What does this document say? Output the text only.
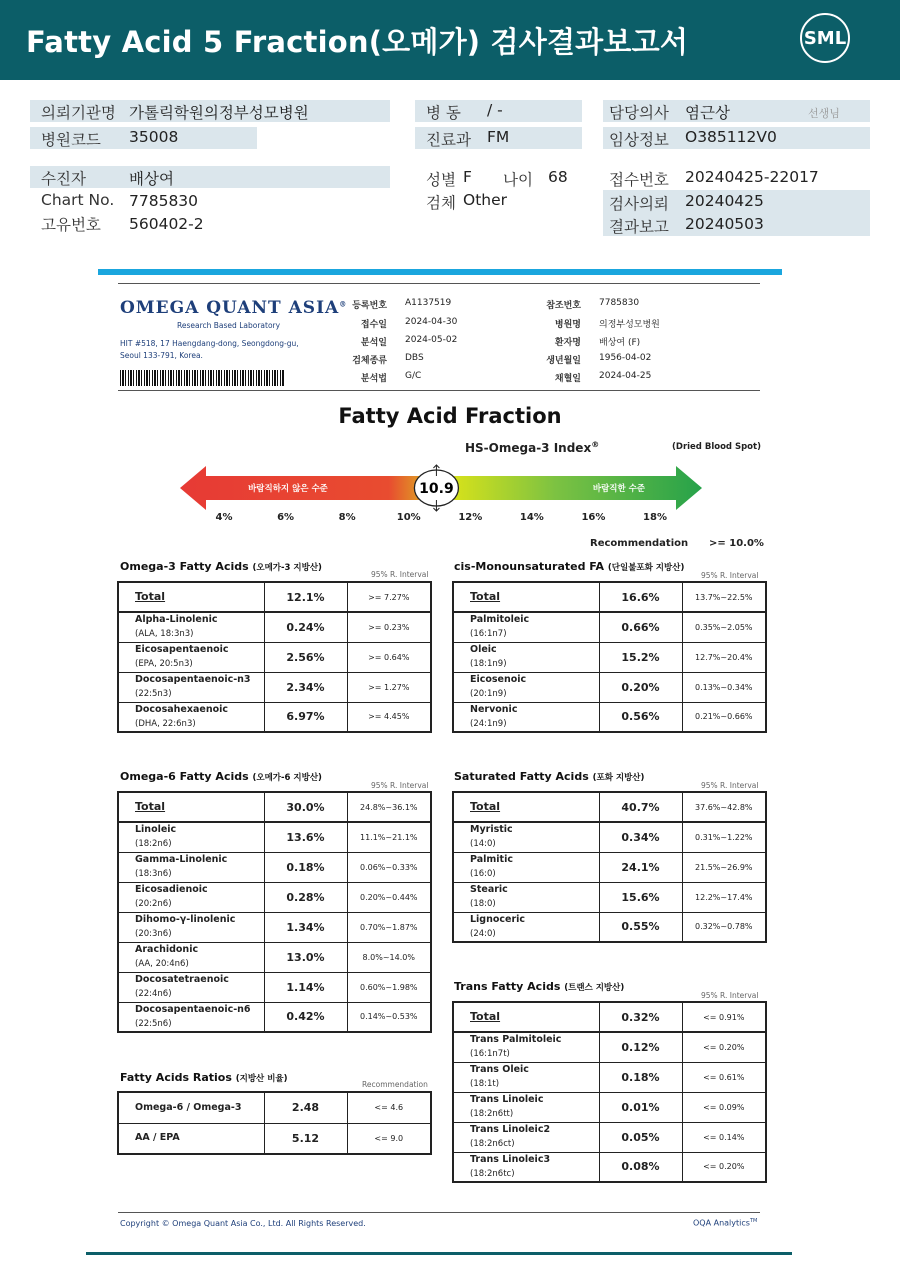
Fatty Acid 5 Fraction(오메가) 검사결과보고서	SML
의뢰기관명 가톨릭학원의정부성모병원
병원코드 35008
병 동 / -
진료과 FM
담당의사 염근상	선생님
임상정보 O385112V0
수진자	배상여
Chart No. 7785830
고유번호 560402-2
성별 F 나이 68
검체 Other
접수번호 20240425-22017
검사의뢰 20240425
결과보고 20240503
OMEGA QUANT ASIA®
Research Based Laboratory
HIT #518, 17 Haengdang-dong, Seongdong-gu, Seoul 133-791, Korea.
등록번호 A1137519
접수일 2024-04-30
분석일 2024-05-02
검체종류 DBS
분석법 G/C
참조번호 7785830
병원명 의정부성모병원
환자명 배상여 (F)
생년월일 1956-04-02
채혈일 2024-04-25
Fatty Acid Fraction
HS-Omega-3 Index®	(Dried Blood Spot)
바람직하지 않은 수준	바람직한 수준
10.9
4%	6%	8%	10%	12%	14%	16%	18%
Recommendation >= 10.0%
Omega-3 Fatty Acids (오메가-3 지방산)
95% R. Interval
cis-Monounsaturated FA (단일불포화 지방산)
95% R. Interval
Omega-6 Fatty Acids (오메가-6 지방산)
95% R. Interval
Saturated Fatty Acids (포화 지방산)
95% R. Interval
Trans Fatty Acids (트랜스 지방산)
95% R. Interval
Fatty Acids Ratios (지방산 비율)
Recommendation
Total	12.1%	>= 7.27%

Alpha-Linolenic
(ALA, 18:3n3)	0.24%	>= 0.23%

Eicosapentaenoic
(EPA, 20:5n3)	2.56%	>= 0.64%

Docosapentaenoic-n3
(22:5n3)	2.34%	>= 1.27%

Docosahexaenoic
(DHA, 22:6n3)	6.97%	>= 4.45%
Total	16.6%	13.7%~22.5%

Palmitoleic
(16:1n7)	0.66%	0.35%~2.05%

Oleic
(18:1n9)	15.2%	12.7%~20.4%

Eicosenoic
(20:1n9)	0.20%	0.13%~0.34%

Nervonic
(24:1n9)	0.56%	0.21%~0.66%
Total	30.0%	24.8%~36.1%

Linoleic
(18:2n6)	13.6%	11.1%~21.1%

Gamma-Linolenic
(18:3n6)	0.18%	0.06%~0.33%

Eicosadienoic
(20:2n6)	0.28%	0.20%~0.44%

Dihomo-γ-linolenic
(20:3n6)	1.34%	0.70%~1.87%

Arachidonic
(AA, 20:4n6)	13.0%	8.0%~14.0%

Docosatetraenoic
(22:4n6)	1.14%	0.60%~1.98%

Docosapentaenoic-n6
(22:5n6)	0.42%	0.14%~0.53%
Total	40.7%	37.6%~42.8%

Myristic
(14:0)	0.34%	0.31%~1.22%

Palmitic
(16:0)	24.1%	21.5%~26.9%

Stearic
(18:0)	15.6%	12.2%~17.4%

Lignoceric
(24:0)	0.55%	0.32%~0.78%
Total	0.32%	<= 0.91%

Trans Palmitoleic
(16:1n7t)	0.12%	<= 0.20%

Trans Oleic
(18:1t)	0.18%	<= 0.61%

Trans Linoleic
(18:2n6tt)	0.01%	<= 0.09%

Trans Linoleic2
(18:2n6ct)	0.05%	<= 0.14%

Trans Linoleic3
(18:2n6tc)	0.08%	<= 0.20%
Omega-6 / Omega-3	2.48	<= 4.6

AA / EPA	5.12	<= 9.0
Copyright © Omega Quant Asia Co., Ltd. All Rights Reserved.	OQA Analytics™
